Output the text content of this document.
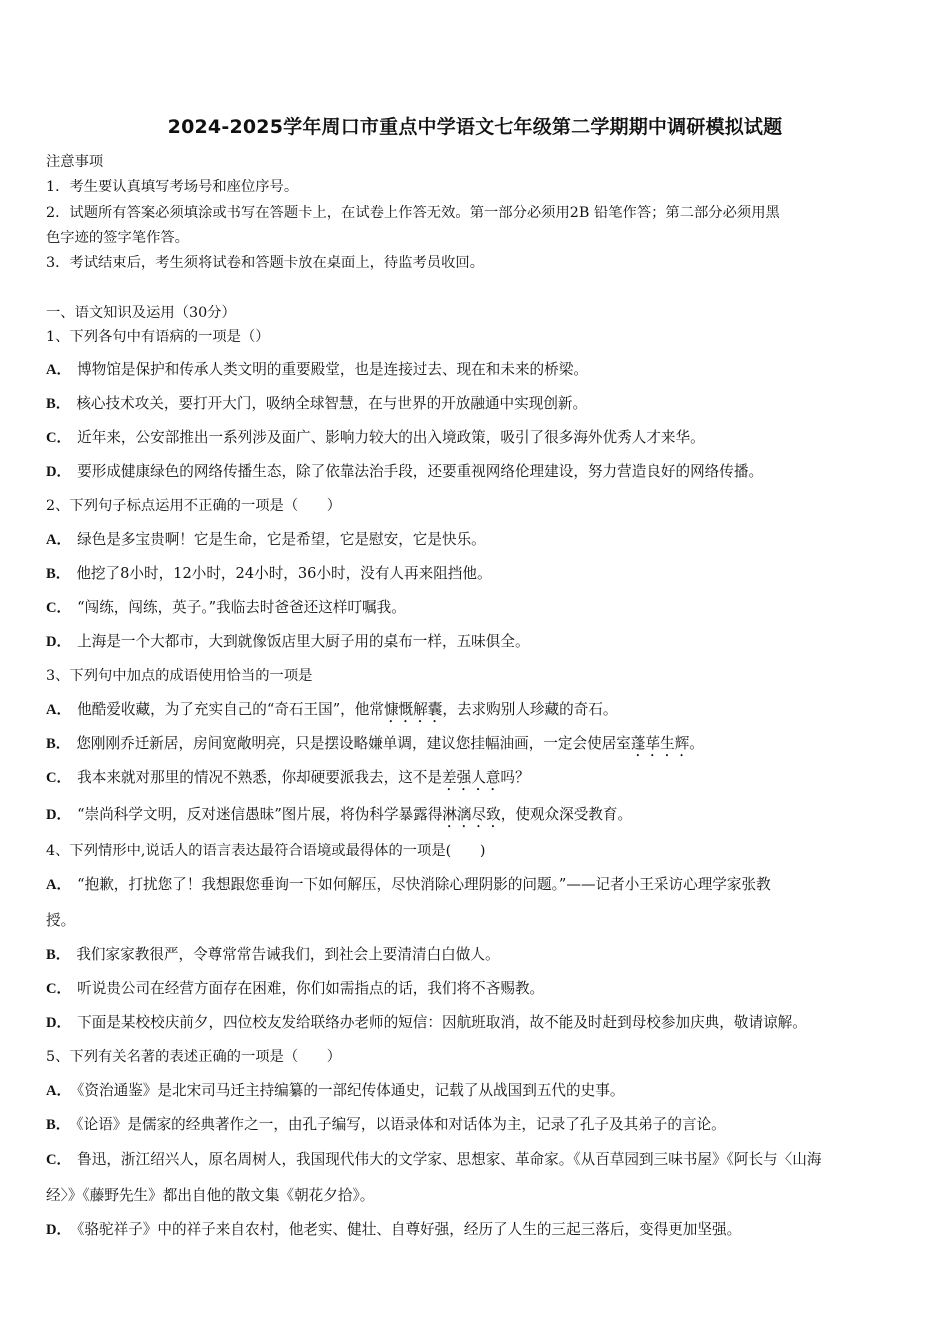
2024-2025学年周口市重点中学语文七年级第二学期期中调研模拟试题
注意事项
1．考生要认真填写考场号和座位序号。
2．试题所有答案必须填涂或书写在答题卡上，在试卷上作答无效。第一部分必须用2B 铅笔作答；第二部分必须用黑
色字迹的签字笔作答。
3．考试结束后，考生须将试卷和答题卡放在桌面上，待监考员收回。
一、语文知识及运用（30分）
1、下列各句中有语病的一项是（）
A． 博物馆是保护和传承人类文明的重要殿堂，也是连接过去、现在和未来的桥梁。
B． 核心技术攻关，要打开大门，吸纳全球智慧，在与世界的开放融通中实现创新。
C． 近年来，公安部推出一系列涉及面广、影响力较大的出入境政策，吸引了很多海外优秀人才来华。
D． 要形成健康绿色的网络传播生态，除了依靠法治手段，还要重视网络伦理建设，努力营造良好的网络传播。
2、下列句子标点运用不正确的一项是（　　）
A． 绿色是多宝贵啊！它是生命，它是希望，它是慰安，它是快乐。
B． 他挖了8小时，12小时，24小时，36小时，没有人再来阻挡他。
C． “闯练，闯练，英子。”我临去时爸爸还这样叮嘱我。
D． 上海是一个大都市，大到就像饭店里大厨子用的桌布一样，五味俱全。
3、下列句中加点的成语使用恰当的一项是
A． 他酷爱收藏，为了充实自己的“奇石王国”，他常慷慨解囊，去求购别人珍藏的奇石。
B． 您刚刚乔迁新居，房间宽敞明亮，只是摆设略嫌单调，建议您挂幅油画，一定会使居室蓬荜生辉。
C． 我本来就对那里的情况不熟悉，你却硬要派我去，这不是差强人意吗？
D． “崇尚科学文明，反对迷信愚昧”图片展，将伪科学暴露得淋漓尽致，使观众深受教育。
4、下列情形中,说话人的语言表达最符合语境或最得体的一项是(　　)
A． “抱歉，打扰您了！我想跟您垂询一下如何解压，尽快消除心理阴影的问题。”——记者小王采访心理学家张教
授。
B． 我们家家教很严，令尊常常告诫我们，到社会上要清清白白做人。
C． 听说贵公司在经营方面存在困难，你们如需指点的话，我们将不吝赐教。
D． 下面是某校校庆前夕，四位校友发给联络办老师的短信：因航班取消，故不能及时赶到母校参加庆典，敬请谅解。
5、下列有关名著的表述正确的一项是（　　）
A． 《资治通鉴》是北宋司马迁主持编纂的一部纪传体通史，记载了从战国到五代的史事。
B． 《论语》是儒家的经典著作之一，由孔子编写，以语录体和对话体为主，记录了孔子及其弟子的言论。
C． 鲁迅，浙江绍兴人，原名周树人，我国现代伟大的文学家、思想家、革命家。《从百草园到三味书屋》《阿长与〈山海
经〉》《藤野先生》都出自他的散文集《朝花夕拾》。
D． 《骆驼祥子》中的祥子来自农村，他老实、健壮、自尊好强，经历了人生的三起三落后，变得更加坚强。
